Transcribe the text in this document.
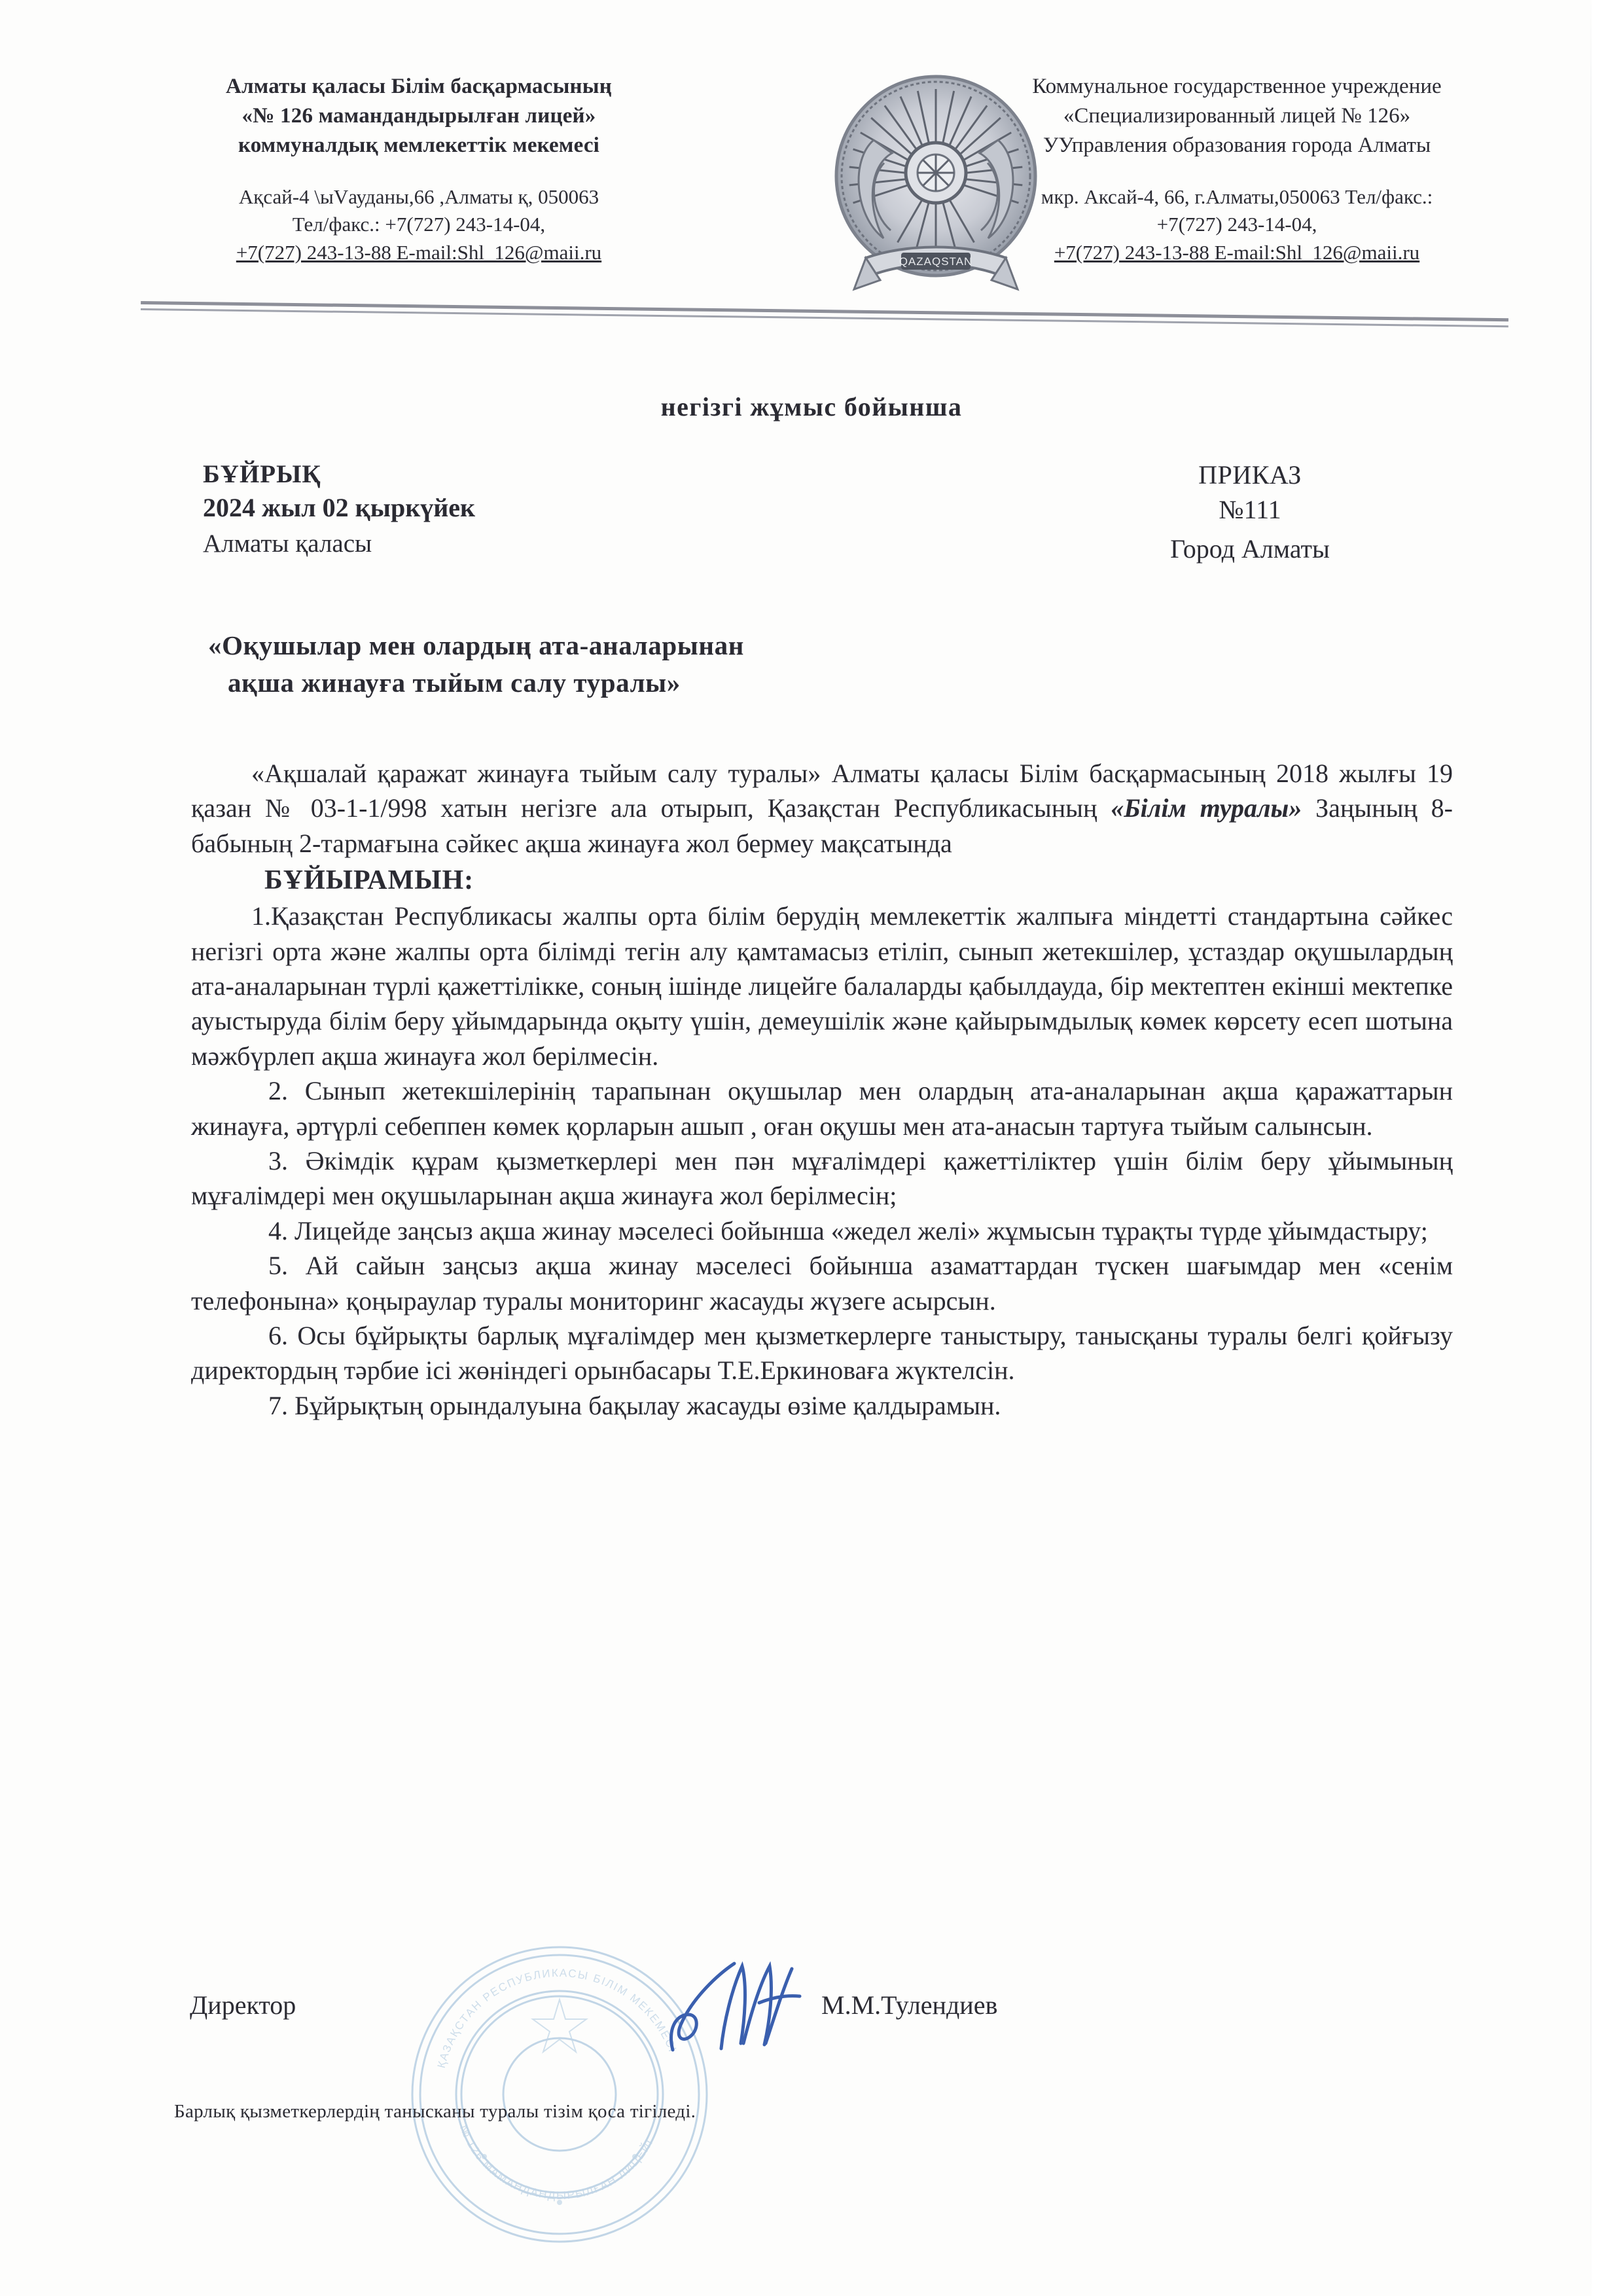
Алматы қаласы Білім басқармасының
«№ 126 мамандандырылған лицей»
коммуналдық мемлекеттік мекемесі
Ақсай-4 \ыVауданы,66 ,Алматы қ, 050063
Тел/факс.: +7(727) 243-14-04,
+7(727) 243-13-88 E-mail:Shl_126@maii.ru	QAZAQSTAN
Коммунальное государственное учреждение
«Специализированный лицей № 126»
УУправления образования города Алматы
мкр. Аксай-4, 66, г.Алматы,050063 Тел/факс.:
+7(727) 243-14-04,
+7(727) 243-13-88 E-mail:Shl_126@maii.ru
негізгі жұмыс бойынша
БҰЙРЫҚ
2024 жыл 02 қыркүйек
Алматы қаласы
ПРИКАЗ
№111
Город Алматы
«Оқушылар мен олардың ата-аналарынан
ақша жинауға тыйым салу туралы»

«Ақшалай қаражат жинауға тыйым салу туралы» Алматы қаласы Білім басқармасының 2018 жылғы 19 қазан № 03-1-1/998 хатын негізге ала отырып, Қазақстан Республикасының «Білім туралы» Заңының 8-бабының 2-тармағына сәйкес ақша жинауға жол бермеу мақсатында

БҰЙЫРАМЫН:

1.Қазақстан Республикасы жалпы орта білім берудің мемлекеттік жалпыға міндетті стандартына сәйкес негізгі орта және жалпы орта білімді тегін алу қамтамасыз етіліп, сынып жетекшілер, ұстаздар оқушылардың ата-аналарынан түрлі қажеттілікке, соның ішінде лицейге балаларды қабылдауда, бір мектептен екінші мектепке ауыстыруда білім беру ұйымдарында оқыту үшін, демеушілік және қайырымдылық көмек көрсету есеп шотына мәжбүрлеп ақша жинауға жол берілмесін.

2. Сынып жетекшілерінің тарапынан оқушылар мен олардың ата-аналарынан ақша қаражаттарын жинауға, әртүрлі себеппен көмек қорларын ашып , оған оқушы мен ата-анасын тартуға тыйым салынсын.

3. Әкімдік құрам қызметкерлері мен пән мұғалімдері қажеттіліктер үшін білім беру ұйымының мұғалімдері мен оқушыларынан ақша жинауға жол берілмесін;

4. Лицейде заңсыз ақша жинау мәселесі бойынша «жедел желі» жұмысын тұрақты түрде ұйымдастыру;

5. Ай сайын заңсыз ақша жинау мәселесі бойынша азаматтардан түскен шағымдар мен «сенім телефонына» қоңыраулар туралы мониторинг жасауды жүзеге асырсын.

6. Осы бұйрықты барлық мұғалімдер мен қызметкерлерге таныстыру, танысқаны туралы белгі қойғызу директордың тәрбие ісі жөніндегі орынбасары Т.Е.Еркиноваға жүктелсін.

7. Бұйрықтың орындалуына бақылау жасауды өзіме қалдырамын.

ҚАЗАҚСТАН РЕСПУБЛИКАСЫ БІЛІМ МЕКЕМЕСІ
№ 126 МАМАНДАНДЫРЫЛҒАН ЛИЦЕЙІ
Директор	М.М.Тулендиев
Барлық қызметкерлердің танысканы туралы тізім қоса тігіледі.
